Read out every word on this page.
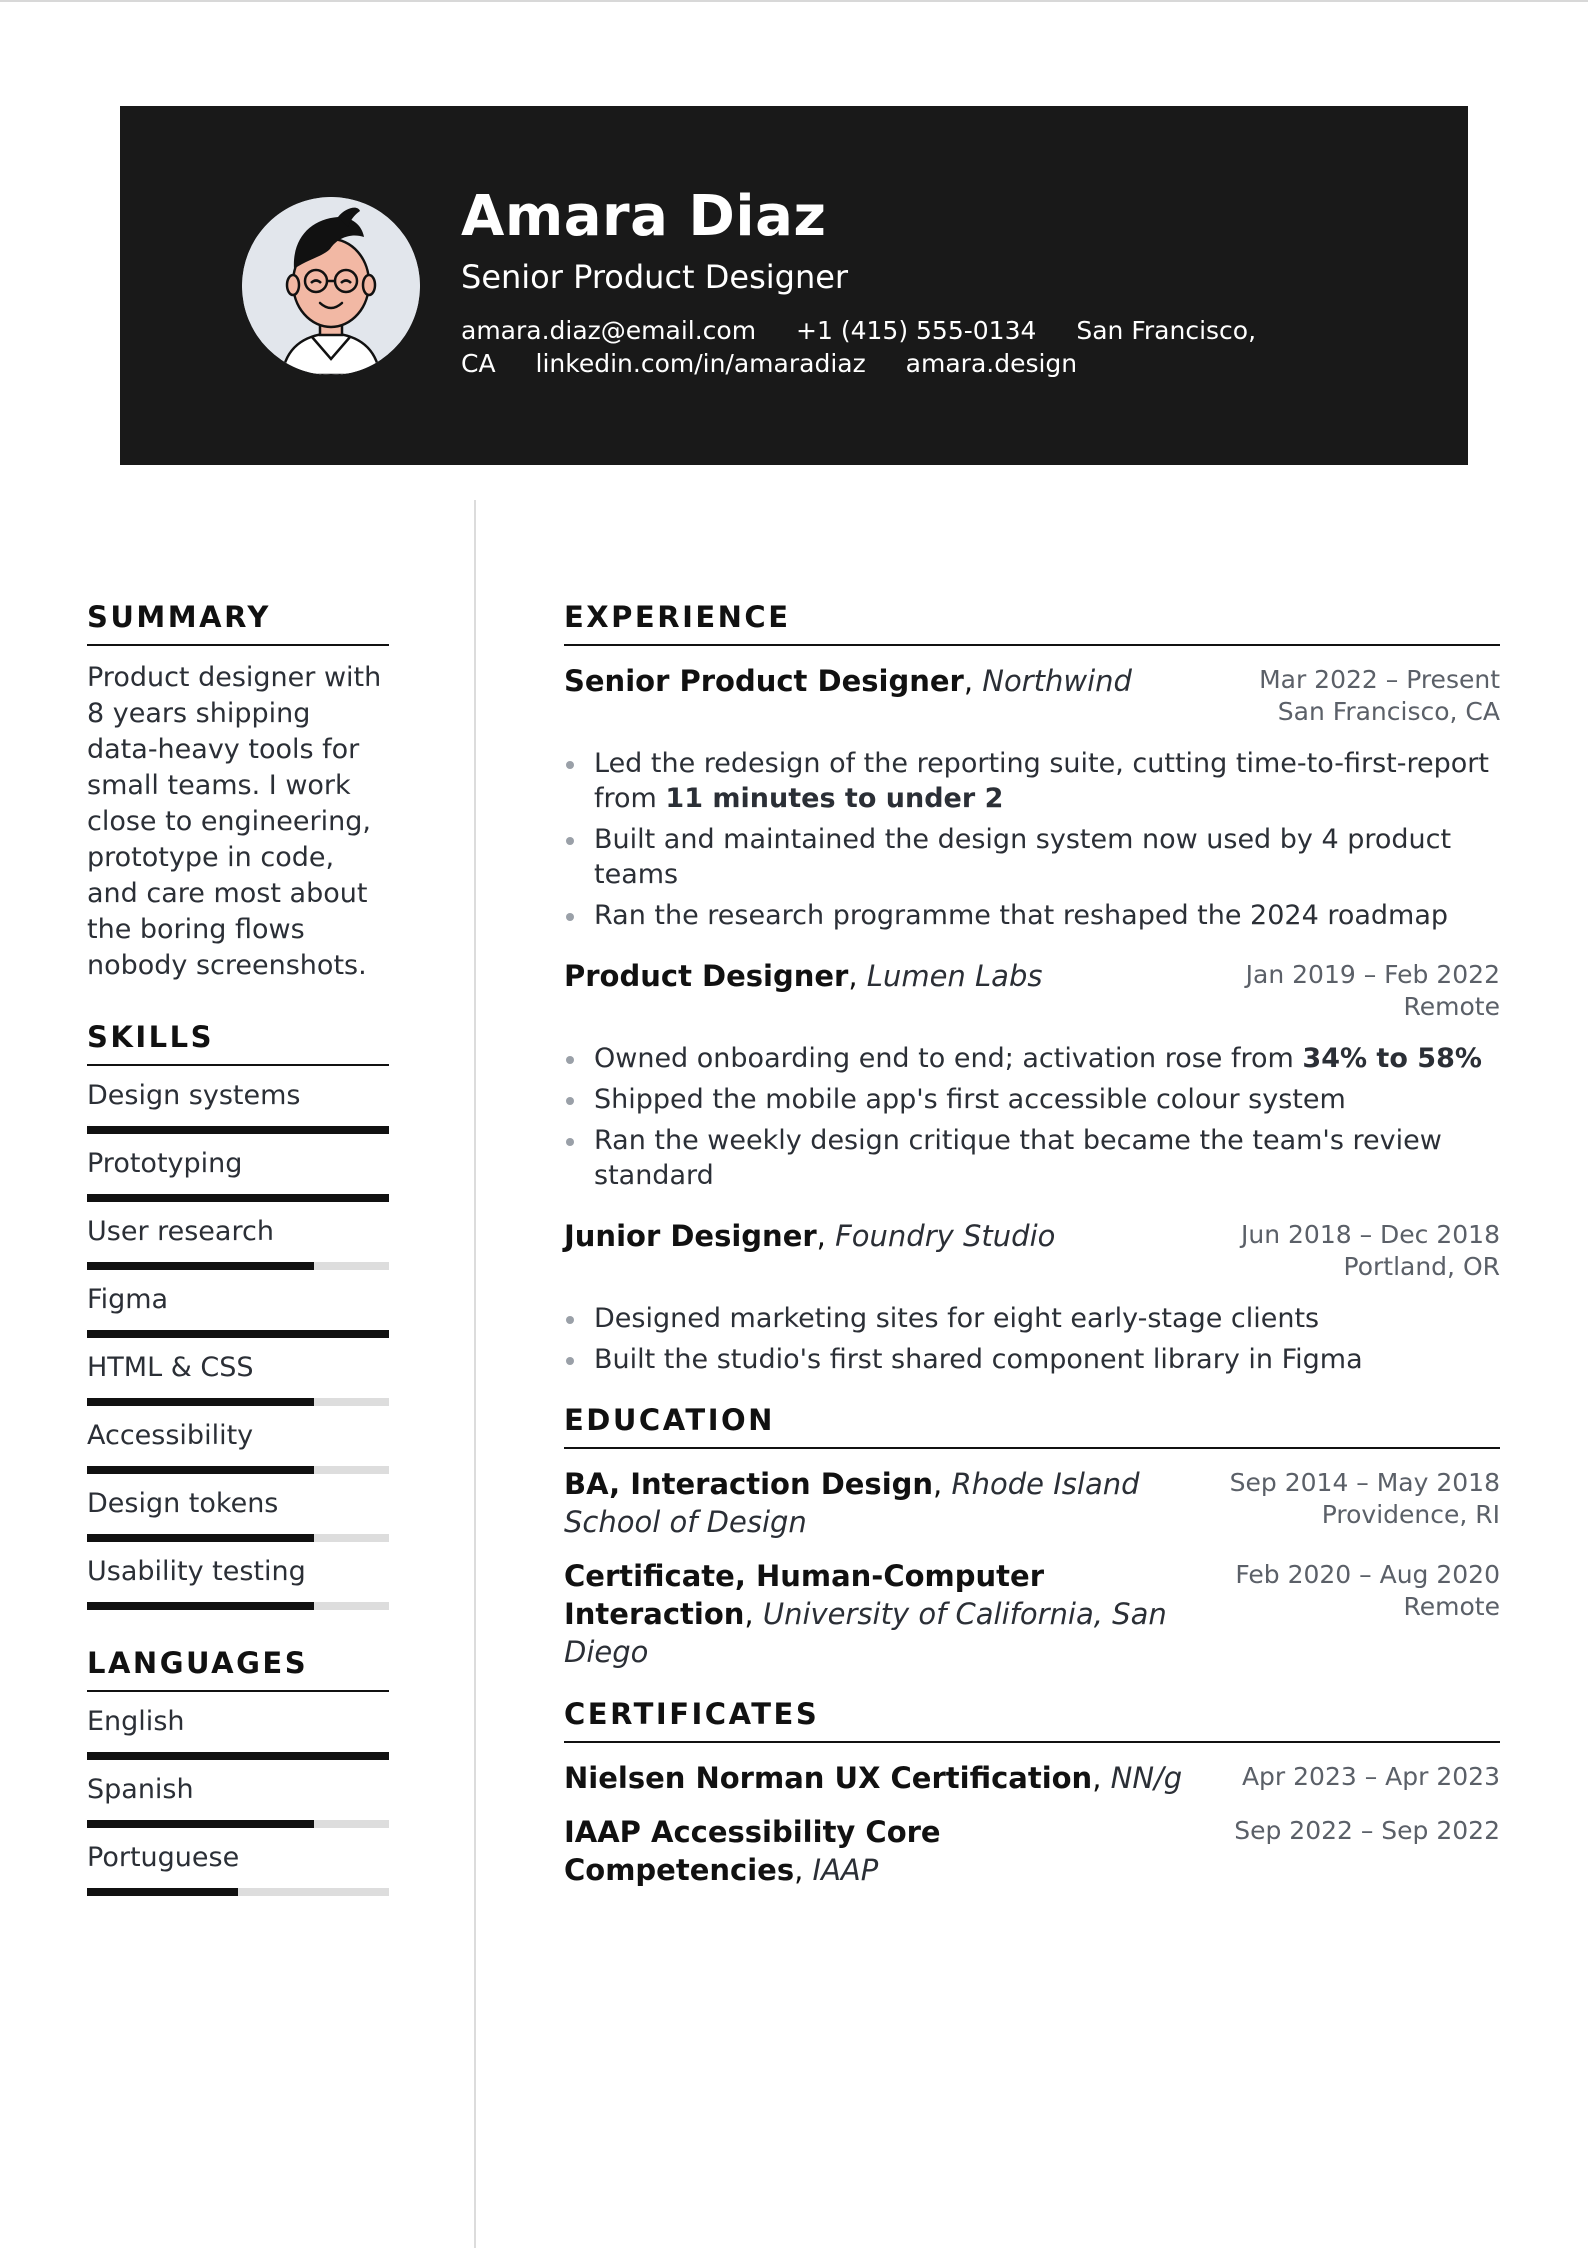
Amara Diaz
Senior Product Designer
amara.diaz@email.com +1 (415) 555-0134 San Francisco, CA linkedin.com/in/amaradiaz amara.design
SUMMARY
Product designer with 8 years shipping data-heavy tools for small teams. I work close to engineering, prototype in code, and care most about the boring flows nobody screenshots.
SKILLS
Design systems
Prototyping
User research
Figma
HTML & CSS
Accessibility
Design tokens
Usability testing
LANGUAGES
English
Spanish
Portuguese
EXPERIENCE
Senior Product Designer, Northwind	Mar 2022 – Present
San Francisco, CA
Led the redesign of the reporting suite, cutting time-to-first-report from 11 minutes to under 2
Built and maintained the design system now used by 4 product teams
Ran the research programme that reshaped the 2024 roadmap
Product Designer, Lumen Labs	Jan 2019 – Feb 2022
Remote
Owned onboarding end to end; activation rose from 34% to 58%
Shipped the mobile app's first accessible colour system
Ran the weekly design critique that became the team's review standard
Junior Designer, Foundry Studio	Jun 2018 – Dec 2018
Portland, OR
Designed marketing sites for eight early-stage clients
Built the studio's first shared component library in Figma
EDUCATION
BA, Interaction Design, Rhode Island School of Design
Sep 2014 – May 2018
Providence, RI
Certificate, Human-Computer Interaction, University of California, San Diego
Feb 2020 – Aug 2020
Remote
CERTIFICATES
Nielsen Norman UX Certification, NN/g Apr 2023 – Apr 2023
IAAP Accessibility Core Competencies, IAAP
Sep 2022 – Sep 2022
